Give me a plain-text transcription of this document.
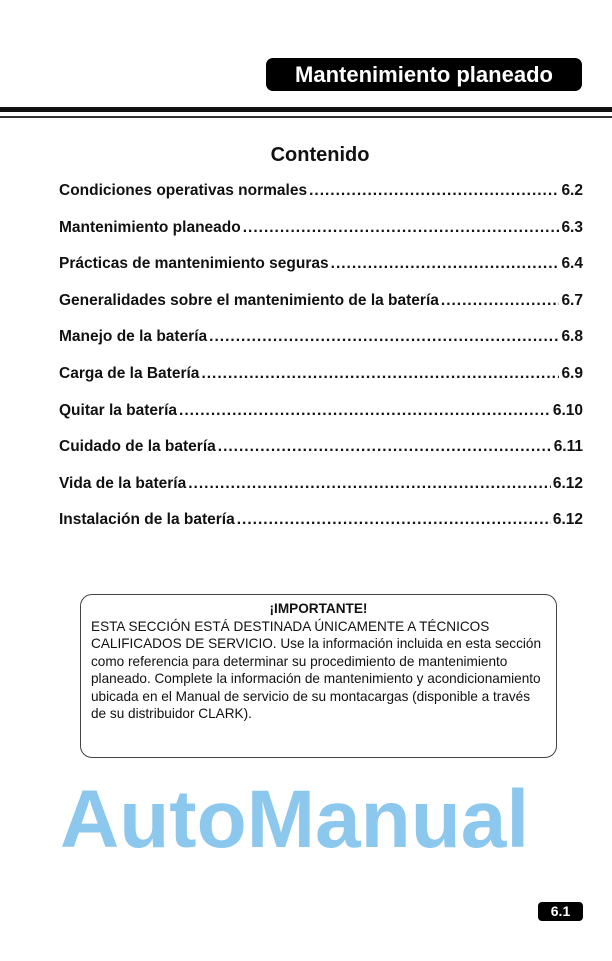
Mantenimiento planeado
Contenido
Condiciones operativas normales .....	6.2
Mantenimiento planeado .....	6.3
Prácticas de mantenimiento seguras .....	6.4
Generalidades sobre el mantenimiento de la batería .....	6.7
Manejo de la batería .....	6.8
Carga de la Batería .....	6.9
Quitar la batería .....	6.10
Cuidado de la batería .....	6.11
Vida de la batería .....	6.12
Instalación de la batería .....	6.12
¡IMPORTANTE!
ESTA SECCIÓN ESTÁ DESTINADA ÚNICAMENTE A TÉCNICOS CALIFICADOS DE SERVICIO. Use la información incluida en esta sección como referencia para determinar su procedimiento de mantenimiento planeado. Complete la información de mantenimiento y acondicionamiento ubicada en el Manual de servicio de su montacargas (disponible a través de su distribuidor CLARK).
AutoManual
6.1
